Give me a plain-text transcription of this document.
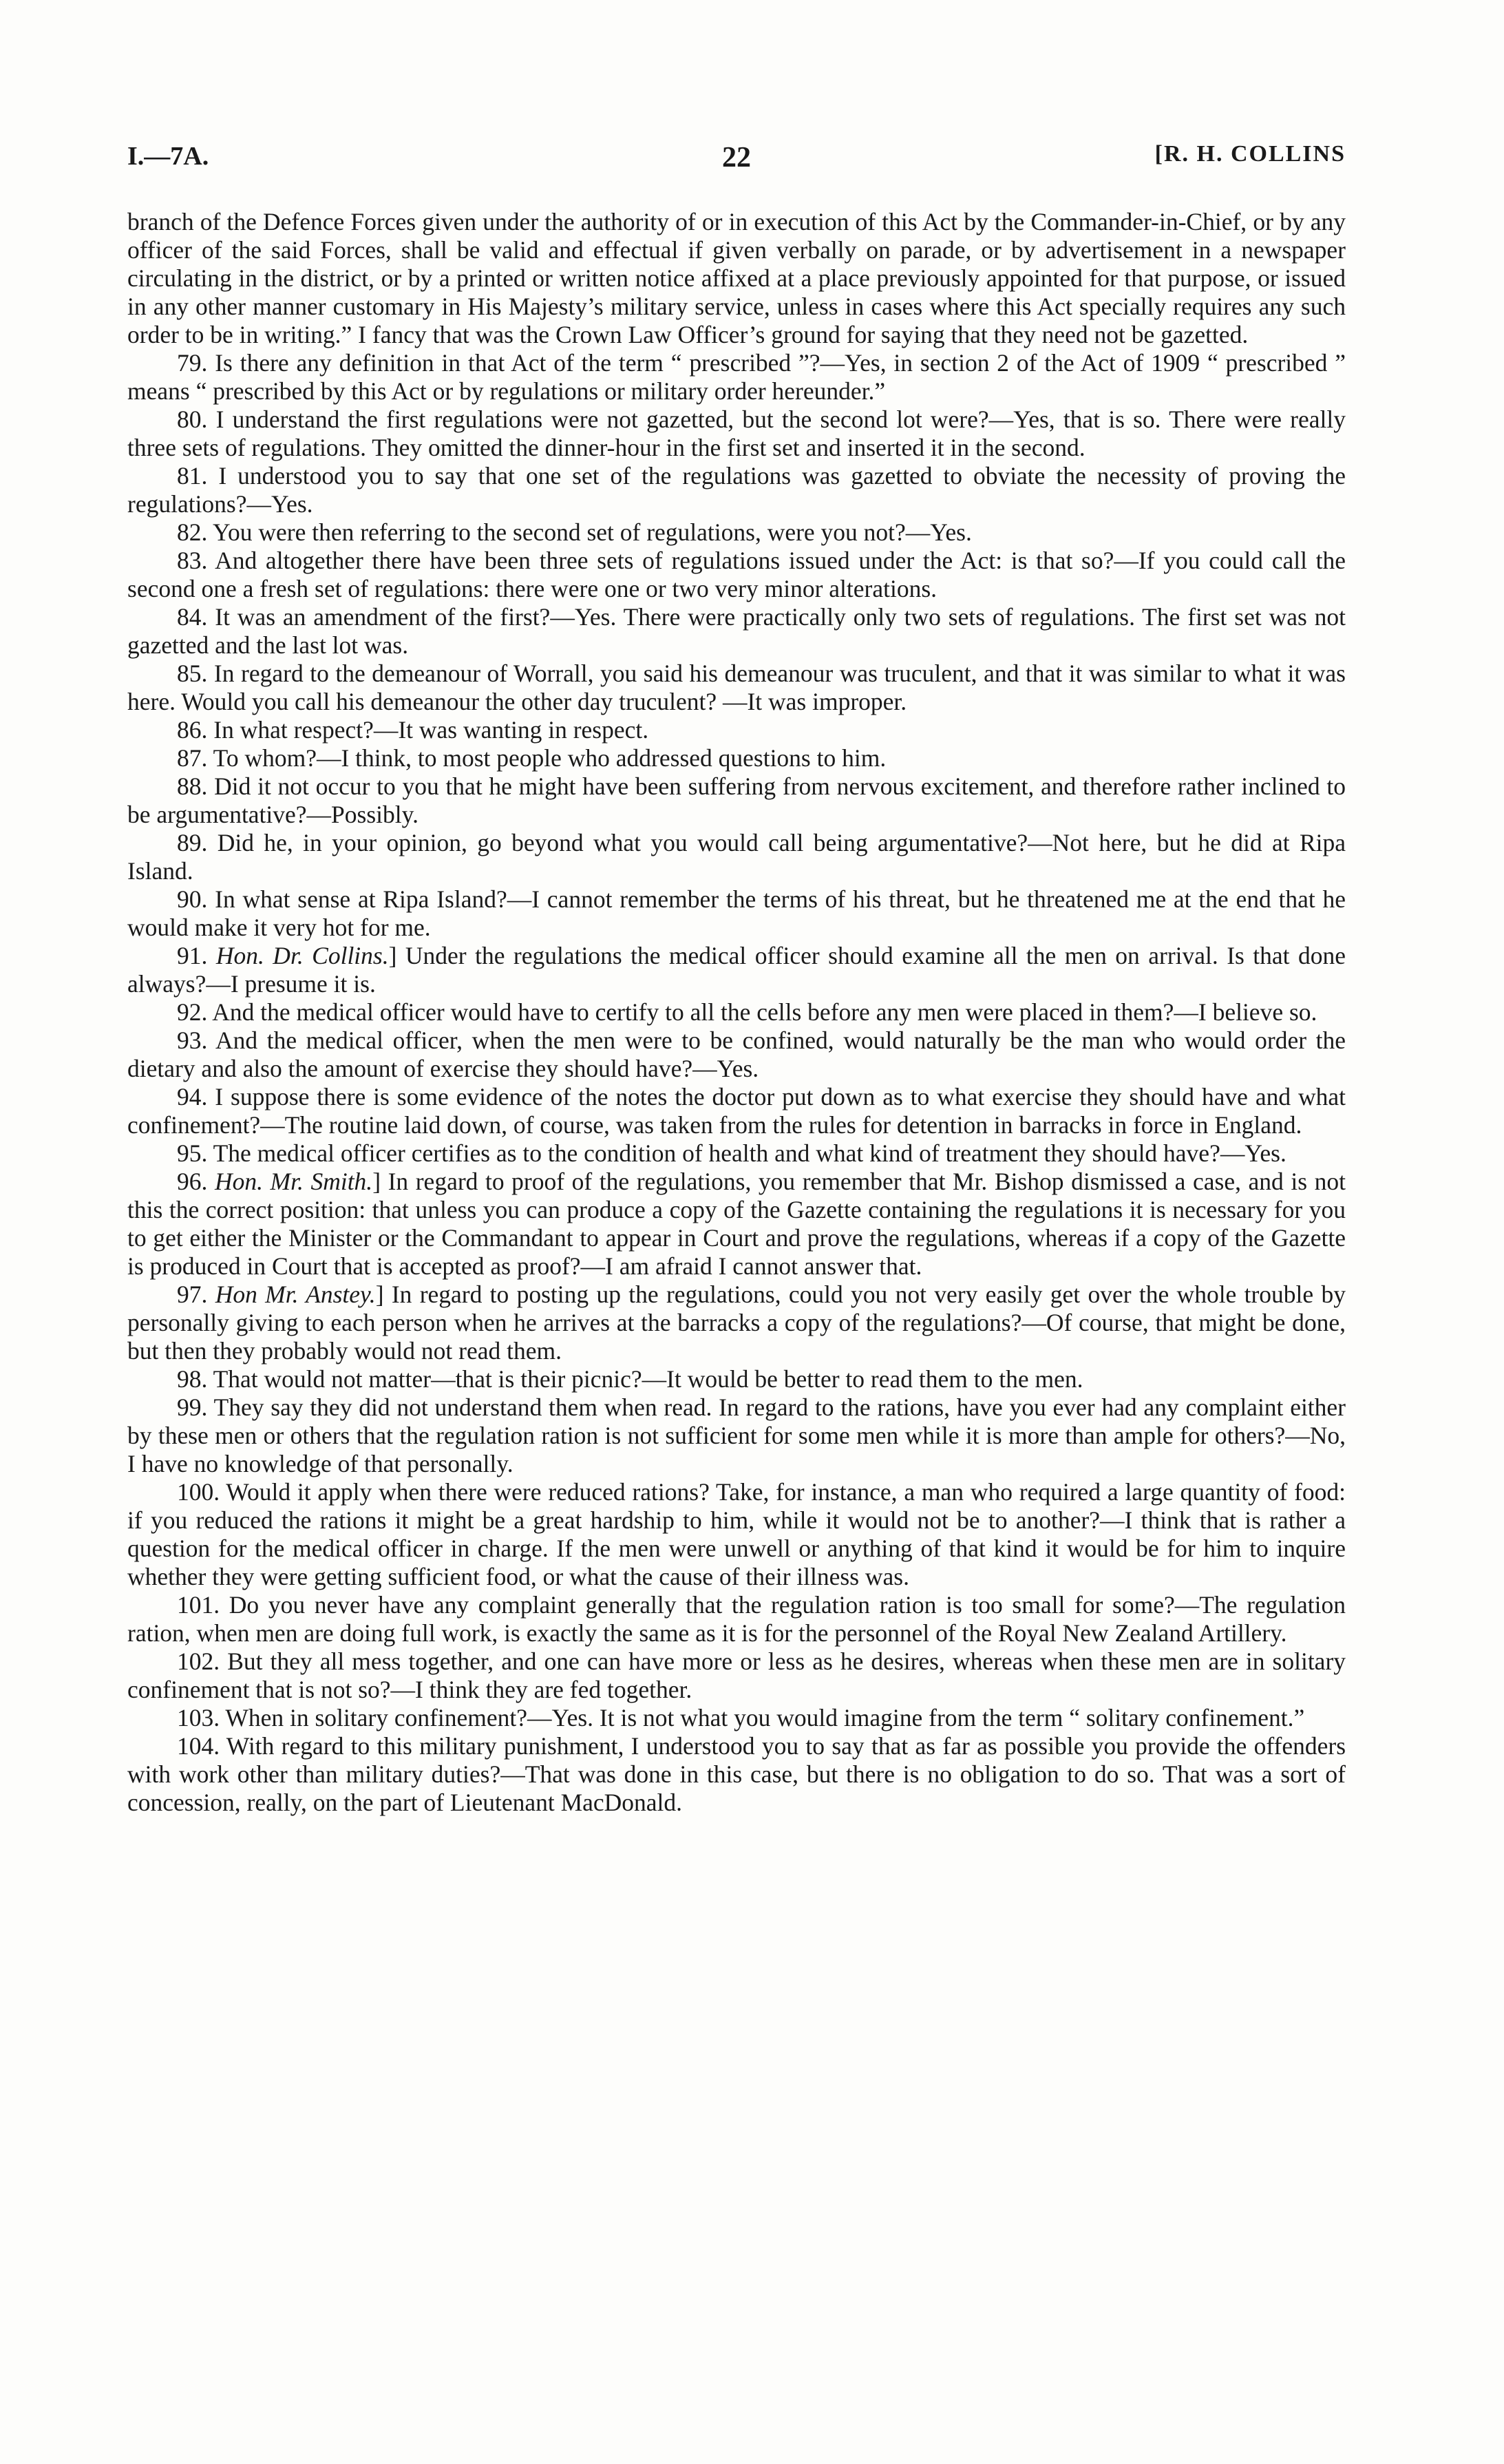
I.—7A.	22	[R. H. COLLINS

branch of the Defence Forces given under the authority of or in execution of this Act by the Commander-in-Chief, or by any officer of the said Forces, shall be valid and effectual if given verbally on parade, or by advertisement in a newspaper circulating in the district, or by a printed or written notice affixed at a place previously appointed for that purpose, or issued in any other manner customary in His Majesty’s military service, unless in cases where this Act specially requires any such order to be in writing.” I fancy that was the Crown Law Officer’s ground for saying that they need not be gazetted.

79. Is there any definition in that Act of the term “ prescribed ”?—Yes, in section 2 of the Act of 1909 “ prescribed ” means “ prescribed by this Act or by regulations or military order hereunder.”

80. I understand the first regulations were not gazetted, but the second lot were?—Yes, that is so. There were really three sets of regulations. They omitted the dinner-hour in the first set and inserted it in the second.

81. I understood you to say that one set of the regulations was gazetted to obviate the necessity of proving the regulations?—Yes.

82. You were then referring to the second set of regulations, were you not?—Yes.

83. And altogether there have been three sets of regulations issued under the Act: is that so?—If you could call the second one a fresh set of regulations: there were one or two very minor alterations.

84. It was an amendment of the first?—Yes. There were practically only two sets of regulations. The first set was not gazetted and the last lot was.

85. In regard to the demeanour of Worrall, you said his demeanour was truculent, and that it was similar to what it was here. Would you call his demeanour the other day truculent? —It was improper.

86. In what respect?—It was wanting in respect.

87. To whom?—I think, to most people who addressed questions to him.

88. Did it not occur to you that he might have been suffering from nervous excitement, and therefore rather inclined to be argumentative?—Possibly.

89. Did he, in your opinion, go beyond what you would call being argumentative?—Not here, but he did at Ripa Island.

90. In what sense at Ripa Island?—I cannot remember the terms of his threat, but he threatened me at the end that he would make it very hot for me.

91. Hon. Dr. Collins.] Under the regulations the medical officer should examine all the men on arrival. Is that done always?—I presume it is.

92. And the medical officer would have to certify to all the cells before any men were placed in them?—I believe so.

93. And the medical officer, when the men were to be confined, would naturally be the man who would order the dietary and also the amount of exercise they should have?—Yes.

94. I suppose there is some evidence of the notes the doctor put down as to what exercise they should have and what confinement?—The routine laid down, of course, was taken from the rules for detention in barracks in force in England.

95. The medical officer certifies as to the condition of health and what kind of treatment they should have?—Yes.

96. Hon. Mr. Smith.] In regard to proof of the regulations, you remember that Mr. Bishop dismissed a case, and is not this the correct position: that unless you can produce a copy of the Gazette containing the regulations it is necessary for you to get either the Minister or the Commandant to appear in Court and prove the regulations, whereas if a copy of the Gazette is produced in Court that is accepted as proof?—I am afraid I cannot answer that.

97. Hon Mr. Anstey.] In regard to posting up the regulations, could you not very easily get over the whole trouble by personally giving to each person when he arrives at the barracks a copy of the regulations?—Of course, that might be done, but then they probably would not read them.

98. That would not matter—that is their picnic?—It would be better to read them to the men.

99. They say they did not understand them when read. In regard to the rations, have you ever had any complaint either by these men or others that the regulation ration is not sufficient for some men while it is more than ample for others?—No, I have no knowledge of that personally.

100. Would it apply when there were reduced rations? Take, for instance, a man who required a large quantity of food: if you reduced the rations it might be a great hardship to him, while it would not be to another?—I think that is rather a question for the medical officer in charge. If the men were unwell or anything of that kind it would be for him to inquire whether they were getting sufficient food, or what the cause of their illness was.

101. Do you never have any complaint generally that the regulation ration is too small for some?—The regulation ration, when men are doing full work, is exactly the same as it is for the personnel of the Royal New Zealand Artillery.

102. But they all mess together, and one can have more or less as he desires, whereas when these men are in solitary confinement that is not so?—I think they are fed together.

103. When in solitary confinement?—Yes. It is not what you would imagine from the term “ solitary confinement.”

104. With regard to this military punishment, I understood you to say that as far as possible you provide the offenders with work other than military duties?—That was done in this case, but there is no obligation to do so. That was a sort of concession, really, on the part of Lieutenant MacDonald.
